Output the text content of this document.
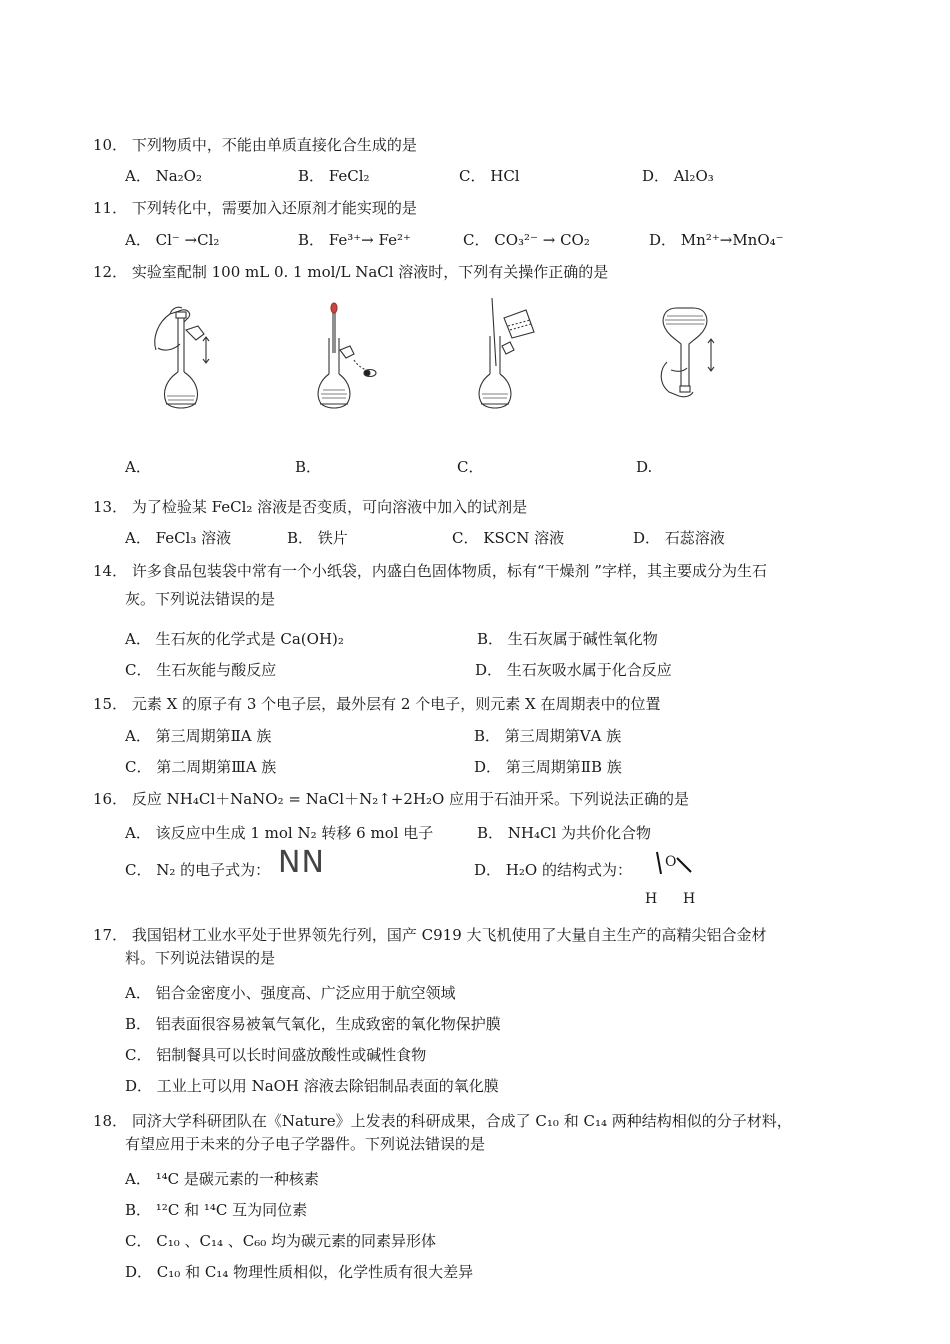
10． 下列物质中，不能由单质直接化合生成的是
A． Na₂O₂	B． FeCl₂	C． HCl	D． Al₂O₃
11． 下列转化中，需要加入还原剂才能实现的是
A． Cl⁻ →Cl₂	B． Fe³⁺→ Fe²⁺	C． CO₃²⁻ → CO₂	D． Mn²⁺→MnO₄⁻
12． 实验室配制 100 mL 0. 1 mol/L NaCl 溶液时，下列有关操作正确的是
A．	B．	C．	D.
13． 为了检验某 FeCl₂ 溶液是否变质，可向溶液中加入的试剂是
A． FeCl₃ 溶液	B． 铁片	C． KSCN 溶液	D． 石蕊溶液
14． 许多食品包装袋中常有一个小纸袋，内盛白色固体物质，标有“干燥剂 ”字样，其主要成分为生石
灰。下列说法错误的是
A． 生石灰的化学式是 Ca(OH)₂	B． 生石灰属于碱性氧化物
C． 生石灰能与酸反应	D． 生石灰吸水属于化合反应
15． 元素 X 的原子有 3 个电子层，最外层有 2 个电子，则元素 X 在周期表中的位置
A． 第三周期第ⅡA 族	B． 第三周期第ⅤA 族
C． 第二周期第ⅢA 族	D． 第三周期第ⅡB 族
16． 反应 NH₄Cl＋NaNO₂ = NaCl＋N₂↑+2H₂O 应用于石油开采。下列说法正确的是
A． 该反应中生成 1 mol N₂ 转移 6 mol 电子	B． NH₄Cl 为共价化合物
C． N₂ 的电子式为： NN	D． H₂O 的结构式为： O
H H
17． 我国铝材工业水平处于世界领先行列，国产 C919 大飞机使用了大量自主生产的高精尖铝合金材
料。下列说法错误的是
A． 铝合金密度小、强度高、广泛应用于航空领域
B． 铝表面很容易被氧气氧化，生成致密的氧化物保护膜
C． 铝制餐具可以长时间盛放酸性或碱性食物
D． 工业上可以用 NaOH 溶液去除铝制品表面的氧化膜
18． 同济大学科研团队在《Nature》上发表的科研成果，合成了 C₁₀ 和 C₁₄ 两种结构相似的分子材料，
有望应用于未来的分子电子学器件。下列说法错误的是
A． ¹⁴C 是碳元素的一种核素
B． ¹²C 和 ¹⁴C 互为同位素
C． C₁₀ 、C₁₄ 、C₆₀ 均为碳元素的同素异形体
D． C₁₀ 和 C₁₄ 物理性质相似，化学性质有很大差异
